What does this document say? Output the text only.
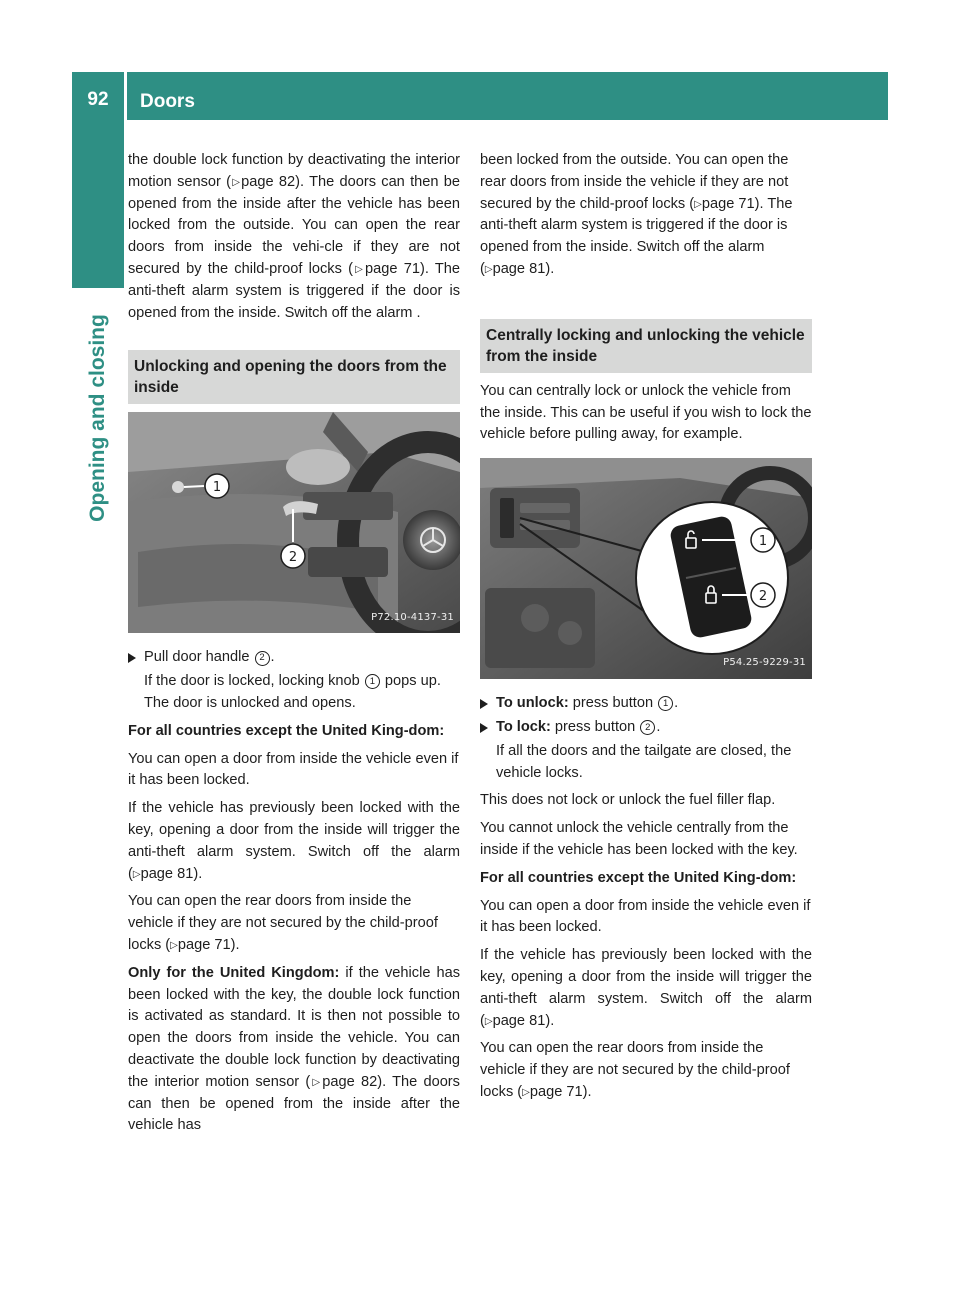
92	Doors
Opening and closing

the double lock function by deactivating the interior motion sensor (▷page 82). The doors can then be opened from the inside after the vehicle has been locked from the outside. You can open the rear doors from inside the vehi-cle if they are not secured by the child-proof locks (▷page 71). The anti-theft alarm system is triggered if the door is opened from the inside. Switch off the alarm .

Unlocking and opening the doors from the inside
1
2
P72.10-4137-31
Pull door handle 2 .
If the door is locked, locking knob 1 pops up. The door is unlocked and opens.

For all countries except the United King-dom:

You can open a door from inside the vehicle even if it has been locked.

If the vehicle has previously been locked with the key, opening a door from the inside will trigger the anti-theft alarm system. Switch off the alarm (▷page 81).

You can open the rear doors from inside the vehicle if they are not secured by the child-proof locks (▷page 71).

Only for the United Kingdom: if the vehicle has been locked with the key, the double lock function is activated as standard. It is then not possible to open the doors from inside the vehicle. You can deactivate the double lock function by deactivating the interior motion sensor (▷page 82). The doors can then be opened from the inside after the vehicle has

been locked from the outside. You can open the rear doors from inside the vehicle if they are not secured by the child-proof locks (▷page 71). The anti-theft alarm system is triggered if the door is opened from the inside. Switch off the alarm (▷page 81).

Centrally locking and unlocking the vehicle from the inside

You can centrally lock or unlock the vehicle from the inside. This can be useful if you wish to lock the vehicle before pulling away, for example.

1
2
P54.25-9229-31
To unlock: press button 1 .
To lock: press button 2 .
If all the doors and the tailgate are closed, the vehicle locks.

This does not lock or unlock the fuel filler flap.

You cannot unlock the vehicle centrally from the inside if the vehicle has been locked with the key.

For all countries except the United King-dom:

You can open a door from inside the vehicle even if it has been locked.

If the vehicle has previously been locked with the key, opening a door from the inside will trigger the anti-theft alarm system. Switch off the alarm (▷page 81).

You can open the rear doors from inside the vehicle if they are not secured by the child-proof locks (▷page 71).
